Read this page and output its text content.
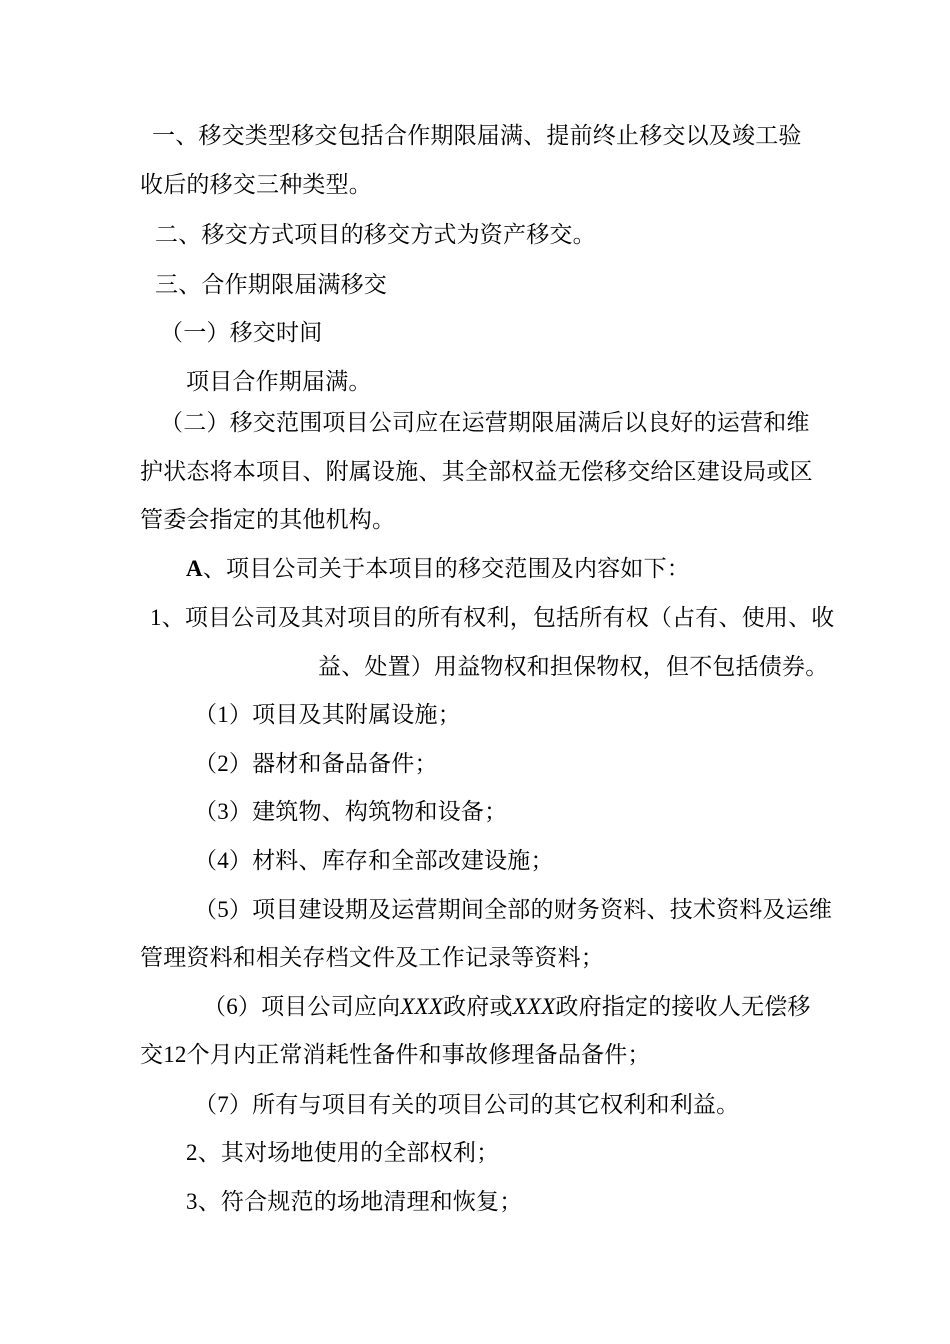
一、移交类型移交包括合作期限届满、提前终止移交以及竣工验
收后的移交三种类型。
二、移交方式项目的移交方式为资产移交。
三、合作期限届满移交
（一）移交时间
项目合作期届满。
（二）移交范围项目公司应在运营期限届满后以良好的运营和维
护状态将本项目、附属设施、其全部权益无偿移交给区建设局或区
管委会指定的其他机构。
A、项目公司关于本项目的移交范围及内容如下：
1、项目公司及其对项目的所有权利，包括所有权（占有、使用、收
益、处置）用益物权和担保物权，但不包括债券。
（1）项目及其附属设施；
（2）器材和备品备件；
（3）建筑物、构筑物和设备；
（4）材料、库存和全部改建设施；
（5）项目建设期及运营期间全部的财务资料、技术资料及运维
管理资料和相关存档文件及工作记录等资料；
（6）项目公司应向XXX政府或XXX政府指定的接收人无偿移
交12个月内正常消耗性备件和事故修理备品备件；
（7）所有与项目有关的项目公司的其它权利和利益。
2、其对场地使用的全部权利；
3、符合规范的场地清理和恢复；
